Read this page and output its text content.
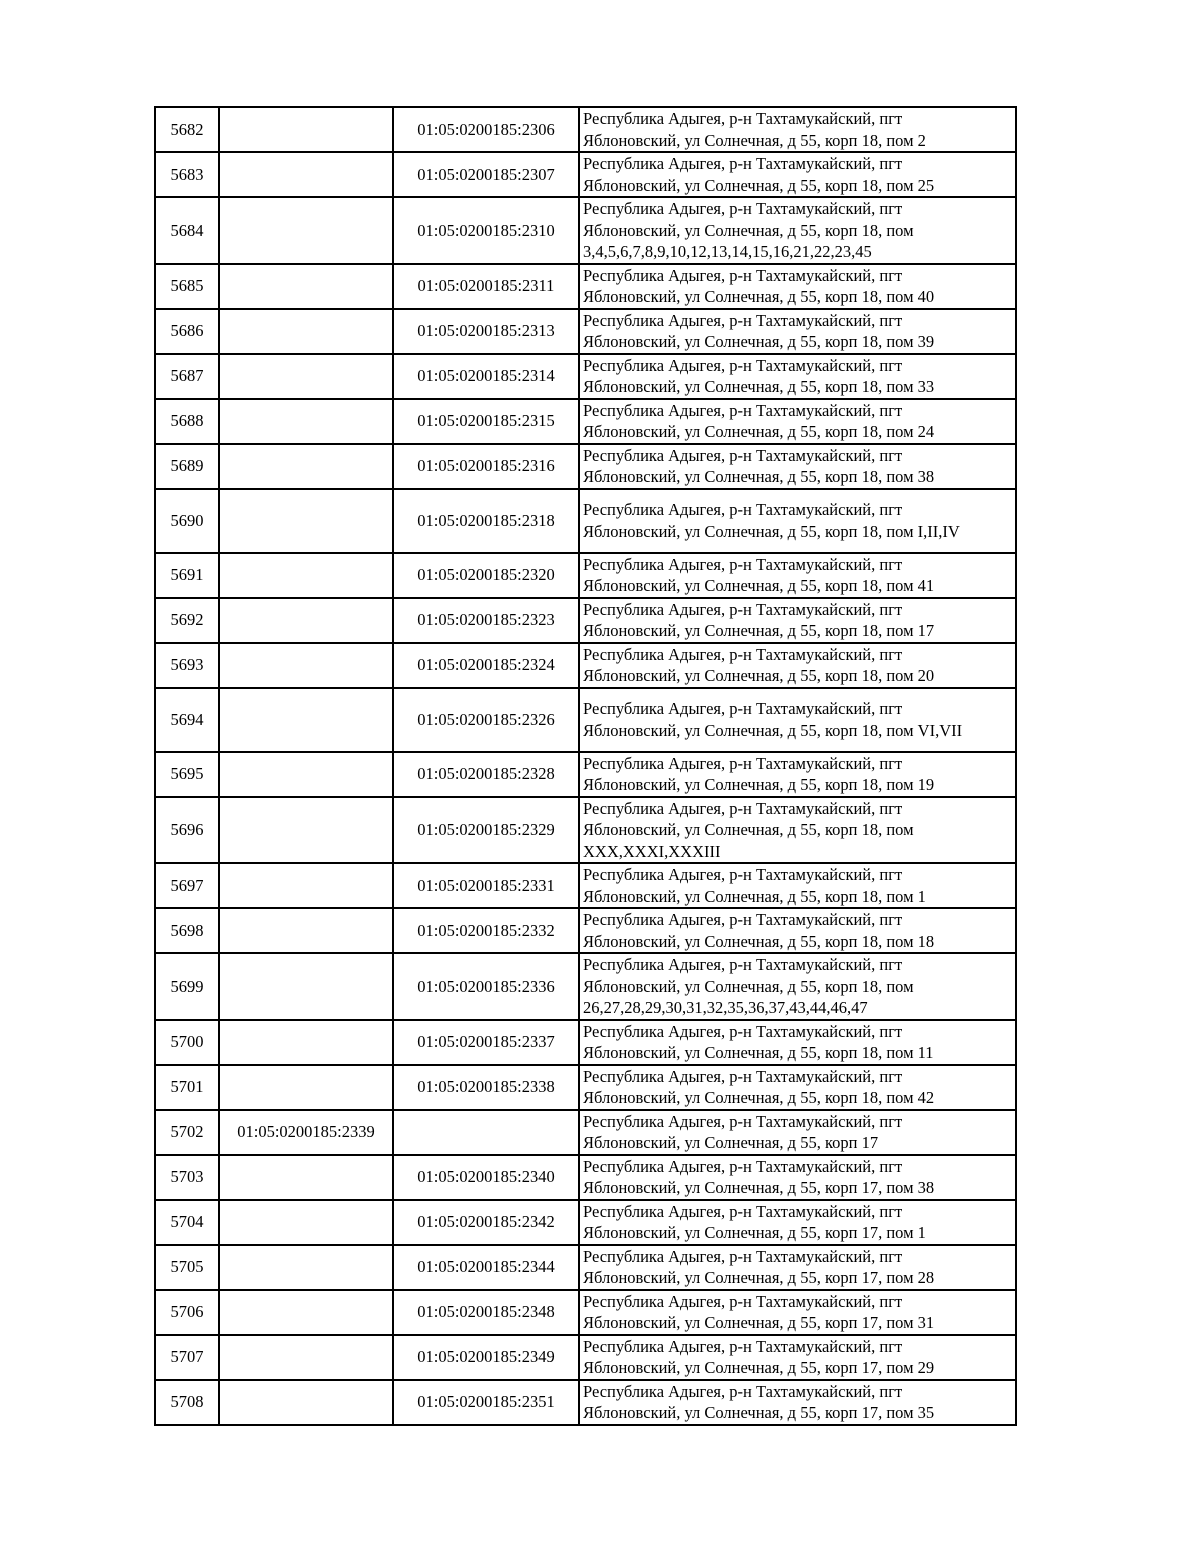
5682		01:05:0200185:2306	Республика Адыгея, р-н Тахтамукайский, пгт
Яблоновский, ул Солнечная, д 55, корп 18, пом 2

5683		01:05:0200185:2307	Республика Адыгея, р-н Тахтамукайский, пгт
Яблоновский, ул Солнечная, д 55, корп 18, пом 25

5684		01:05:0200185:2310	Республика Адыгея, р-н Тахтамукайский, пгт
Яблоновский, ул Солнечная, д 55, корп 18, пом
3,4,5,6,7,8,9,10,12,13,14,15,16,21,22,23,45

5685		01:05:0200185:2311	Республика Адыгея, р-н Тахтамукайский, пгт
Яблоновский, ул Солнечная, д 55, корп 18, пом 40

5686		01:05:0200185:2313	Республика Адыгея, р-н Тахтамукайский, пгт
Яблоновский, ул Солнечная, д 55, корп 18, пом 39

5687		01:05:0200185:2314	Республика Адыгея, р-н Тахтамукайский, пгт
Яблоновский, ул Солнечная, д 55, корп 18, пом 33

5688		01:05:0200185:2315	Республика Адыгея, р-н Тахтамукайский, пгт
Яблоновский, ул Солнечная, д 55, корп 18, пом 24

5689		01:05:0200185:2316	Республика Адыгея, р-н Тахтамукайский, пгт
Яблоновский, ул Солнечная, д 55, корп 18, пом 38

5690		01:05:0200185:2318	Республика Адыгея, р-н Тахтамукайский, пгт
Яблоновский, ул Солнечная, д 55, корп 18, пом I,II,IV

5691		01:05:0200185:2320	Республика Адыгея, р-н Тахтамукайский, пгт
Яблоновский, ул Солнечная, д 55, корп 18, пом 41

5692		01:05:0200185:2323	Республика Адыгея, р-н Тахтамукайский, пгт
Яблоновский, ул Солнечная, д 55, корп 18, пом 17

5693		01:05:0200185:2324	Республика Адыгея, р-н Тахтамукайский, пгт
Яблоновский, ул Солнечная, д 55, корп 18, пом 20

5694		01:05:0200185:2326	Республика Адыгея, р-н Тахтамукайский, пгт
Яблоновский, ул Солнечная, д 55, корп 18, пом VI,VII

5695		01:05:0200185:2328	Республика Адыгея, р-н Тахтамукайский, пгт
Яблоновский, ул Солнечная, д 55, корп 18, пом 19

5696		01:05:0200185:2329	Республика Адыгея, р-н Тахтамукайский, пгт
Яблоновский, ул Солнечная, д 55, корп 18, пом
XXX,XXXI,XXXIII

5697		01:05:0200185:2331	Республика Адыгея, р-н Тахтамукайский, пгт
Яблоновский, ул Солнечная, д 55, корп 18, пом 1

5698		01:05:0200185:2332	Республика Адыгея, р-н Тахтамукайский, пгт
Яблоновский, ул Солнечная, д 55, корп 18, пом 18

5699		01:05:0200185:2336	Республика Адыгея, р-н Тахтамукайский, пгт
Яблоновский, ул Солнечная, д 55, корп 18, пом
26,27,28,29,30,31,32,35,36,37,43,44,46,47

5700		01:05:0200185:2337	Республика Адыгея, р-н Тахтамукайский, пгт
Яблоновский, ул Солнечная, д 55, корп 18, пом 11

5701		01:05:0200185:2338	Республика Адыгея, р-н Тахтамукайский, пгт
Яблоновский, ул Солнечная, д 55, корп 18, пом 42

5702	01:05:0200185:2339		Республика Адыгея, р-н Тахтамукайский, пгт
Яблоновский, ул Солнечная, д 55, корп 17

5703		01:05:0200185:2340	Республика Адыгея, р-н Тахтамукайский, пгт
Яблоновский, ул Солнечная, д 55, корп 17, пом 38

5704		01:05:0200185:2342	Республика Адыгея, р-н Тахтамукайский, пгт
Яблоновский, ул Солнечная, д 55, корп 17, пом 1

5705		01:05:0200185:2344	Республика Адыгея, р-н Тахтамукайский, пгт
Яблоновский, ул Солнечная, д 55, корп 17, пом 28

5706		01:05:0200185:2348	Республика Адыгея, р-н Тахтамукайский, пгт
Яблоновский, ул Солнечная, д 55, корп 17, пом 31

5707		01:05:0200185:2349	Республика Адыгея, р-н Тахтамукайский, пгт
Яблоновский, ул Солнечная, д 55, корп 17, пом 29

5708		01:05:0200185:2351	Республика Адыгея, р-н Тахтамукайский, пгт
Яблоновский, ул Солнечная, д 55, корп 17, пом 35
